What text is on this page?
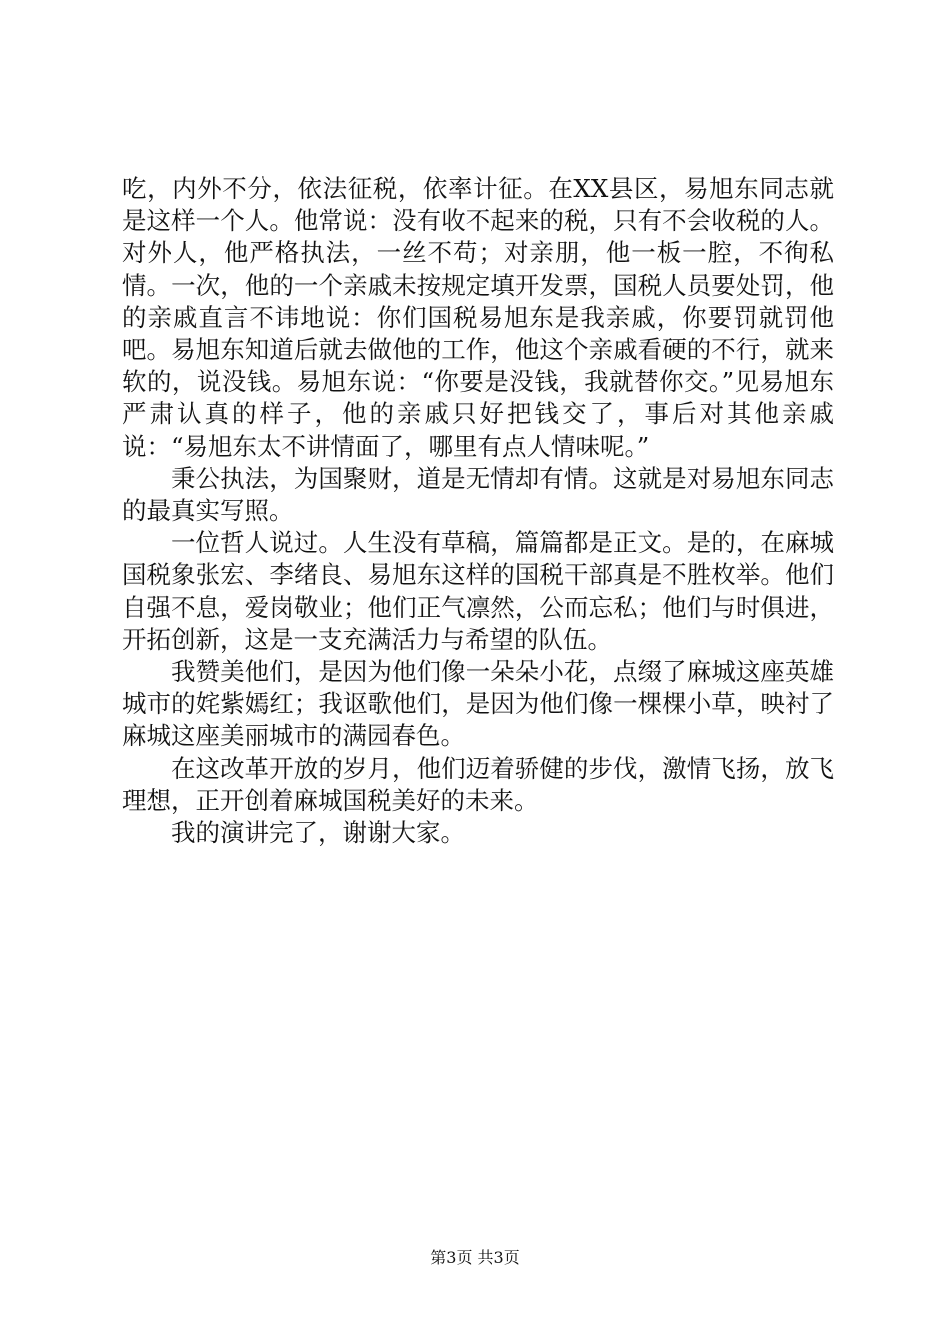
吃，内外不分，依法征税，依率计征。在XX县区，易旭东同志就是这样一个人。他常说：没有收不起来的税，只有不会收税的人。对外人，他严格执法，一丝不苟；对亲朋，他一板一腔，不徇私情。一次，他的一个亲戚未按规定填开发票，国税人员要处罚，他的亲戚直言不讳地说：你们国税易旭东是我亲戚，你要罚就罚他吧。易旭东知道后就去做他的工作，他这个亲戚看硬的不行，就来软的，说没钱。易旭东说：“你要是没钱，我就替你交。”见易旭东严肃认真的样子，他的亲戚只好把钱交了，事后对其他亲戚说：“易旭东太不讲情面了，哪里有点人情味呢。”

秉公执法，为国聚财，道是无情却有情。这就是对易旭东同志的最真实写照。

一位哲人说过。人生没有草稿，篇篇都是正文。是的，在麻城国税象张宏、李绪良、易旭东这样的国税干部真是不胜枚举。他们自强不息，爱岗敬业；他们正气凛然，公而忘私；他们与时俱进，开拓创新，这是一支充满活力与希望的队伍。

我赞美他们，是因为他们像一朵朵小花，点缀了麻城这座英雄城市的姹紫嫣红；我讴歌他们，是因为他们像一棵棵小草，映衬了麻城这座美丽城市的满园春色。

在这改革开放的岁月，他们迈着骄健的步伐，激情飞扬，放飞理想，正开创着麻城国税美好的未来。

我的演讲完了，谢谢大家。

第3页 共3页
